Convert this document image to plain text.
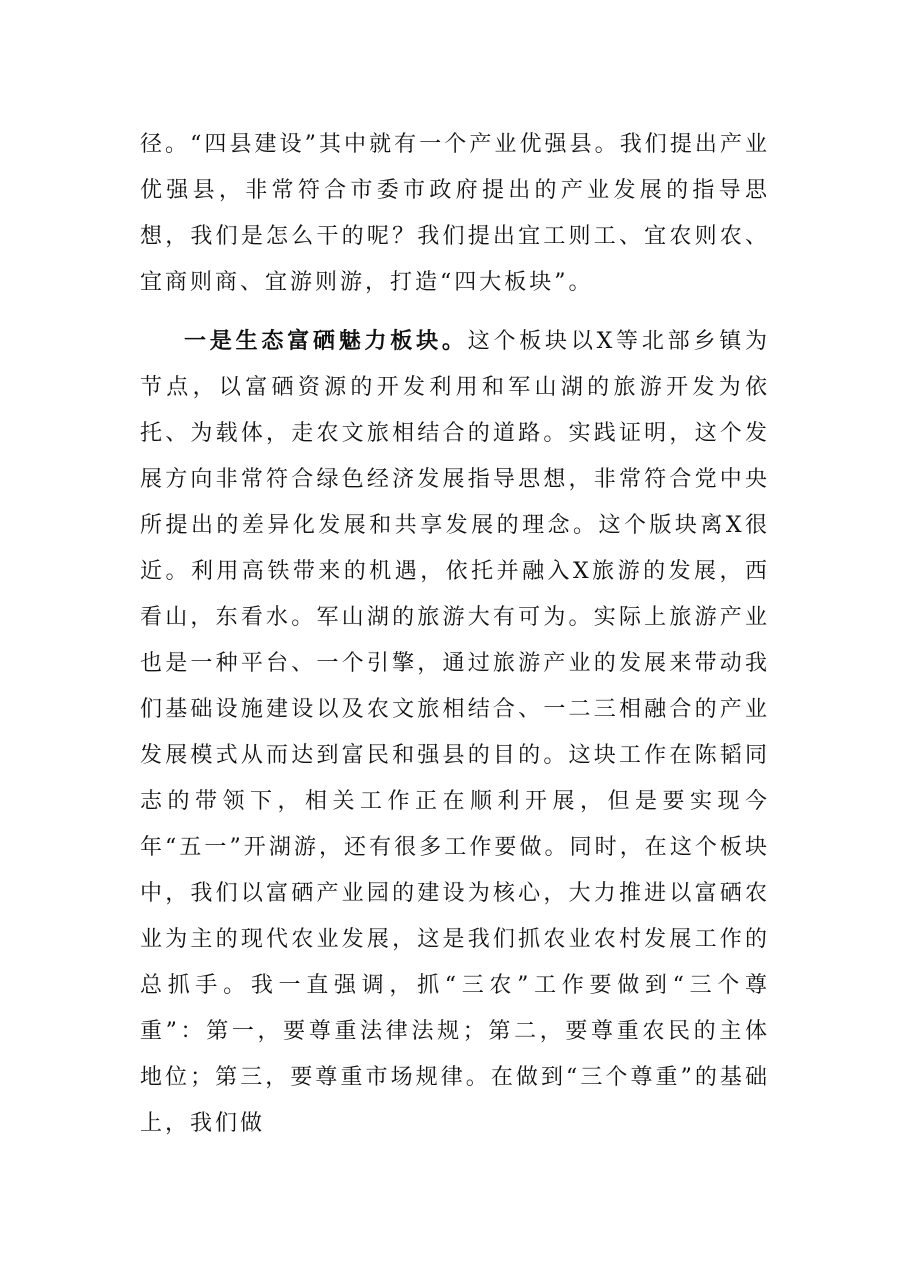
径。“四县建设”其中就有一个产业优强县。我们提出产业优强县，非常符合市委市政府提出的产业发展的指导思想，我们是怎么干的呢？我们提出宜工则工、宜农则农、宜商则商、宜游则游，打造“四大板块”。

一是生态富硒魅力板块。这个板块以X等北部乡镇为节点，以富硒资源的开发利用和军山湖的旅游开发为依托、为载体，走农文旅相结合的道路。实践证明，这个发展方向非常符合绿色经济发展指导思想，非常符合党中央所提出的差异化发展和共享发展的理念。这个版块离X很近。利用高铁带来的机遇，依托并融入X旅游的发展，西看山，东看水。军山湖的旅游大有可为。实际上旅游产业也是一种平台、一个引擎，通过旅游产业的发展来带动我们基础设施建设以及农文旅相结合、一二三相融合的产业发展模式从而达到富民和强县的目的。这块工作在陈韬同志的带领下，相关工作正在顺利开展，但是要实现今年“五一”开湖游，还有很多工作要做。同时，在这个板块中，我们以富硒产业园的建设为核心，大力推进以富硒农业为主的现代农业发展，这是我们抓农业农村发展工作的总抓手。我一直强调，抓“三农”工作要做到“三个尊重”：第一，要尊重法律法规；第二，要尊重农民的主体地位；第三，要尊重市场规律。在做到“三个尊重”的基础上，我们做
